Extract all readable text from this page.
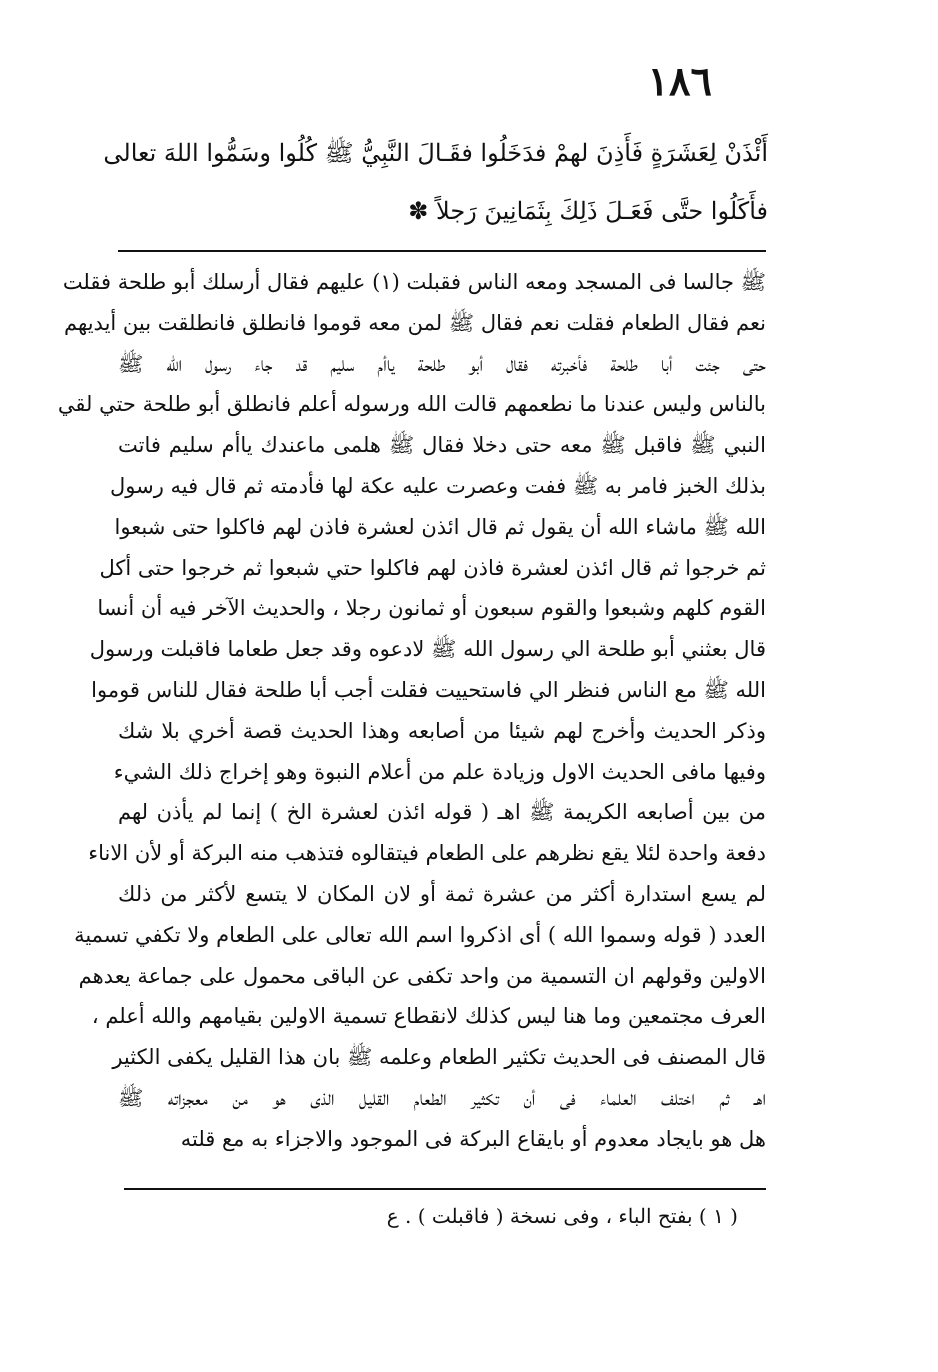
١٨٦
أَئْذَنْ لِعَشَرَةٍ فَأَذِنَ لهمْ فدَخَلُوا فقَـالَ النَّبِيُّ ﷺ كُلُوا وسَمُّوا اللهَ تعالى
فأَكَلُوا حتَّى فَعَـلَ ذَلِكَ بِثَمَانِينَ رَجلاً ✽
ﷺ جالسا فى المسجد ومعه الناس فقبلت (١) عليهم فقال أرسلك أبو طلحة فقلت
نعم فقال الطعام فقلت نعم فقال ﷺ لمن معه قوموا فانطلق فانطلقت بين أيديهم
حتى جئت أبا طلحة فأخبرته فقال أبو طلحة ياأم سليم قد جاء رسول الله ﷺ
بالناس وليس عندنا ما نطعمهم قالت الله ورسوله أعلم فانطلق أبو طلحة حتي لقي
النبي ﷺ فاقبل ﷺ معه حتى دخلا فقال ﷺ هلمى ماعندك ياأم سليم فاتت
بذلك الخبز فامر به ﷺ ففت وعصرت عليه عكة لها فأدمته ثم قال فيه رسول
الله ﷺ ماشاء الله أن يقول ثم قال ائذن لعشرة فاذن لهم فاكلوا حتى شبعوا
ثم خرجوا ثم قال ائذن لعشرة فاذن لهم فاكلوا حتي شبعوا ثم خرجوا حتى أكل
القوم كلهم وشبعوا والقوم سبعون أو ثمانون رجلا ، والحديث الآخر فيه أن أنسا
قال بعثني أبو طلحة الي رسول الله ﷺ لادعوه وقد جعل طعاما فاقبلت ورسول
الله ﷺ مع الناس فنظر الي فاستحييت فقلت أجب أبا طلحة فقال للناس قوموا
وذكر الحديث وأخرج لهم شيئا من أصابعه وهذا الحديث قصة أخري بلا شك
وفيها مافى الحديث الاول وزيادة علم من أعلام النبوة وهو إخراج ذلك الشيء
من بين أصابعه الكريمة ﷺ اهـ ( قوله ائذن لعشرة الخ ) إنما لم يأذن لهم
دفعة واحدة لئلا يقع نظرهم على الطعام فيتقالوه فتذهب منه البركة أو لأن الاناء
لم يسع استدارة أكثر من عشرة ثمة أو لان المكان لا يتسع لأكثر من ذلك
العدد ( قوله وسموا الله ) أى اذكروا اسم الله تعالى على الطعام ولا تكفي تسمية
الاولين وقولهم ان التسمية من واحد تكفى عن الباقى محمول على جماعة يعدهم
العرف مجتمعين وما هنا ليس كذلك لانقطاع تسمية الاولين بقيامهم والله أعلم ،
قال المصنف فى الحديث تكثير الطعام وعلمه ﷺ بان هذا القليل يكفى الكثير
اهـ ثم اختلف العلماء فى أن تكثير الطعام القليل الذى هو من معجزاته ﷺ
هل هو بايجاد معدوم أو بايقاع البركة فى الموجود والاجزاء به مع قلته
( ١ ) بفتح الباء ، وفى نسخة ( فاقبلت ) . ع
